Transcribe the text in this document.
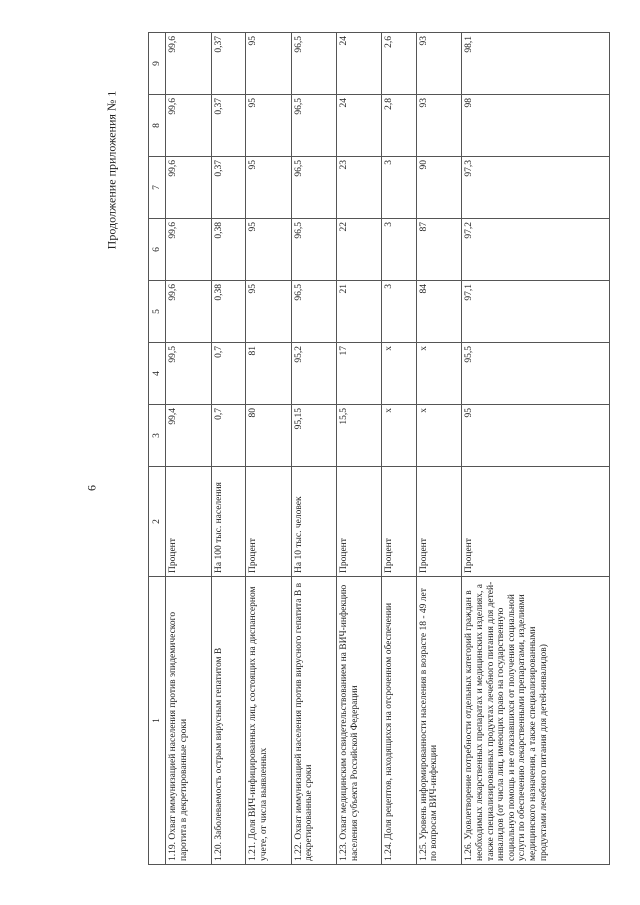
6
Продолжение приложения № 1
1	2	3	4	5	6	7	8	9
1.19. Охват иммунизацией населения против эпидемического паротита в декретированные сроки	Процент	99,4	99,5	99,6	99,6	99,6	99,6	99,6
1.20. Заболеваемость острым вирусным гепатитом В	На 100 тыс. населения	0,7	0,7	0,38	0,38	0,37	0,37	0,37
1.21. Доля ВИЧ-инфицированных лиц, состоящих на диспансерном учете, от числа выявленных	Процент	80	81	95	95	95	95	95
1.22. Охват иммунизацией населения против вирусного гепатита В в декретированные сроки	На 10 тыс. человек	95,15	95,2	96,5	96,5	96,5	96,5	96,5
1.23. Охват медицинским освидетельствованием на ВИЧ-инфекцию населения субъекта Российской Федерации	Процент	15,5	17	21	22	23	24	24
1.24. Доля рецептов, находящихся на отсроченном обеспечении	Процент	x	x	3	3	3	2,8	2,6
1.25. Уровень информированности населения в возрасте 18 - 49 лет по вопросам ВИЧ-инфекции	Процент	x	x	84	87	90	93	93
1.26. Удовлетворение потребности отдельных категорий граждан в необходимых лекарственных препаратах и медицинских изделиях, а также специализированных продуктах лечебного питания для детей-инвалидов (от числа лиц, имеющих право на государственную социальную помощь и не отказавшихся от получения социальной услуги по обеспечению лекарственными препаратами, изделиями медицинского назначения, а также специализированными продуктами лечебного питания для детей-инвалидов)	Процент	95	95,5	97,1	97,2	97,3	98	98,1
